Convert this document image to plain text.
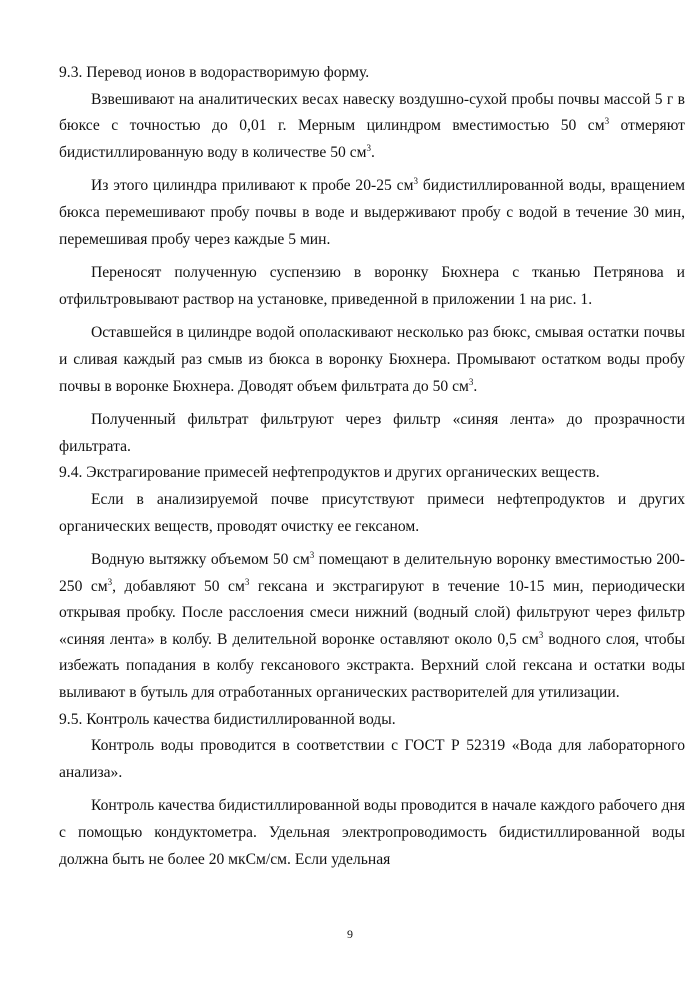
9.3. Перевод ионов в водорастворимую форму.

Взвешивают на аналитических весах навеску воздушно-сухой пробы почвы массой 5 г в бюксе с точностью до 0,01 г. Мерным цилиндром вместимостью 50 $см^3$ отмеряют бидистиллированную воду в количестве 50 $см^3$.

Из этого цилиндра приливают к пробе 20-25 $см^3$ бидистиллированной воды, вращением бюкса перемешивают пробу почвы в воде и выдерживают пробу с водой в течение 30 мин, перемешивая пробу через каждые 5 мин.

Переносят полученную суспензию в воронку Бюхнера с тканью Петрянова и отфильтровывают раствор на установке, приведенной в приложении 1 на рис. 1.

Оставшейся в цилиндре водой ополаскивают несколько раз бюкс, смывая остатки почвы и сливая каждый раз смыв из бюкса в воронку Бюхнера. Промывают остатком воды пробу почвы в воронке Бюхнера. Доводят объем фильтрата до 50 $см^3$.

Полученный фильтрат фильтруют через фильтр «синяя лента» до прозрачности фильтрата.

9.4. Экстрагирование примесей нефтепродуктов и других органических веществ.

Если в анализируемой почве присутствуют примеси нефтепродуктов и других органических веществ, проводят очистку ее гексаном.

Водную вытяжку объемом 50 $см^3$ помещают в делительную воронку вместимостью 200-250 $см^3$, добавляют 50 $см^3$ гексана и экстрагируют в течение 10-15 мин, периодически открывая пробку. После расслоения смеси нижний (водный слой) фильтруют через фильтр «синяя лента» в колбу. В делительной воронке оставляют около 0,5 $см^3$ водного слоя, чтобы избежать попадания в колбу гексанового экстракта. Верхний слой гексана и остатки воды выливают в бутыль для отработанных органических растворителей для утилизации.

9.5. Контроль качества бидистиллированной воды.

Контроль воды проводится в соответствии с ГОСТ Р 52319 «Вода для лабораторного анализа».

Контроль качества бидистиллированной воды проводится в начале каждого рабочего дня с помощью кондуктометра. Удельная электропроводимость бидистиллированной воды должна быть не более 20 мкСм/см. Если удельная

9
